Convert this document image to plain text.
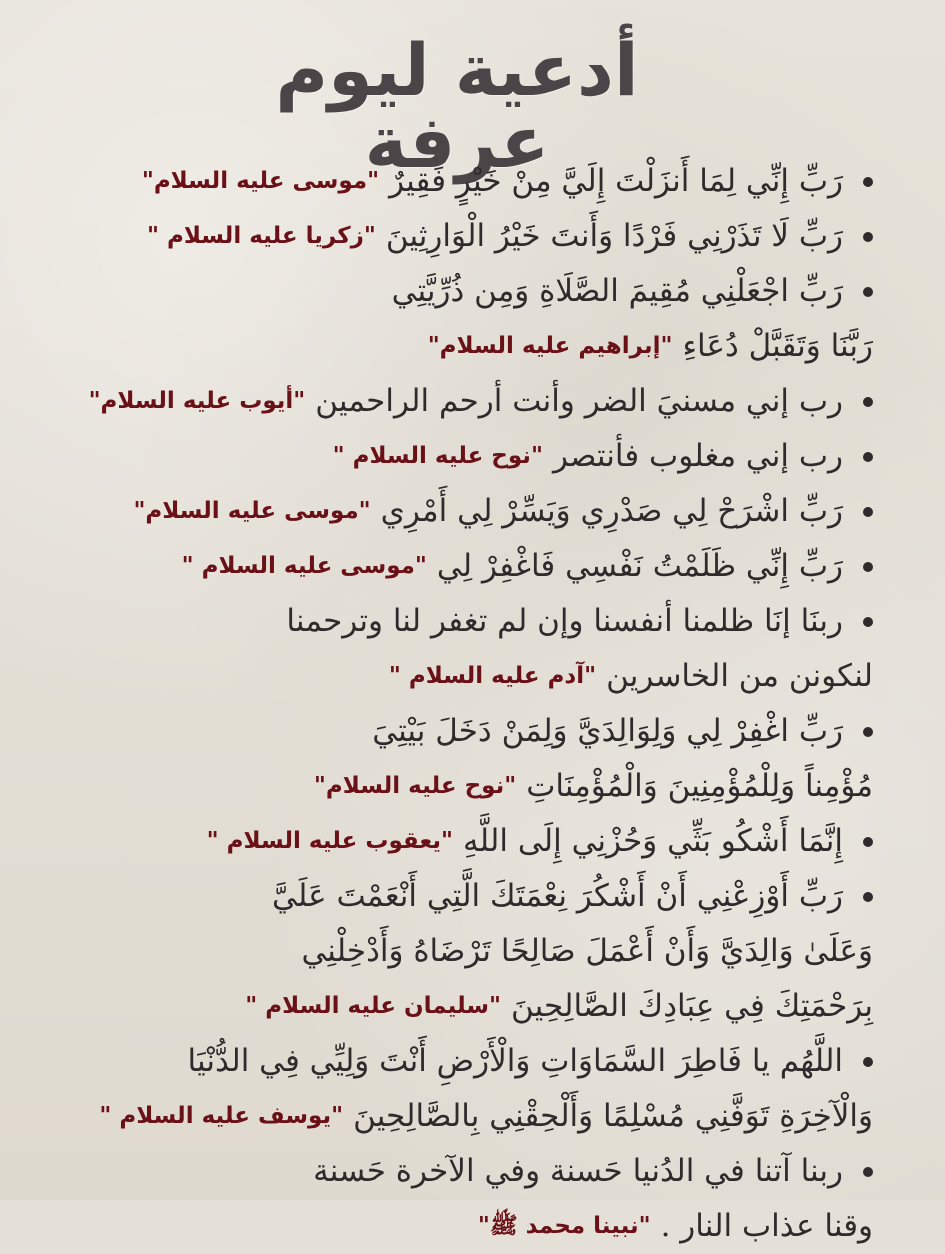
أدعية ليوم عرفة
رَبِّ إِنِّي لِمَا أَنزَلْتَ إِلَيَّ مِنْ خَيْرٍ فَقِيرٌ
"موسى عليه السلام"
رَبِّ لَا تَذَرْنِي فَرْدًا وَأَنتَ خَيْرُ الْوَارِثِينَ
"زكريا عليه السلام "
رَبِّ اجْعَلْنِي مُقِيمَ الصَّلَاةِ وَمِن ذُرِّيَّتِي
رَبَّنَا وَتَقَبَّلْ دُعَاءِ
"إبراهيم عليه السلام"
رب إني مسنيَ الضر وأنت أرحم الراحمين
"أيوب عليه السلام"
رب إني مغلوب فأنتصر
"نوح عليه السلام "
رَبِّ اشْرَحْ لِي صَدْرِي وَيَسِّرْ لِي أَمْرِي
"موسى عليه السلام"
رَبِّ إِنِّي ظَلَمْتُ نَفْسِي فَاغْفِرْ لِي
"موسى عليه السلام "
ربنَا إنَا ظلمنا أنفسنا وإن لم تغفر لنا وترحمنا
لنكونن من الخاسرين
"آدم عليه السلام "
رَبِّ اغْفِرْ لِي وَلِوَالِدَيَّ وَلِمَنْ دَخَلَ بَيْتِيَ
مُؤْمِناً وَلِلْمُؤْمِنِينَ وَالْمُؤْمِنَاتِ
"نوح عليه السلام"
إِنَّمَا أَشْكُو بَثِّي وَحُزْنِي إِلَى اللَّهِ
"يعقوب عليه السلام "
رَبِّ أَوْزِعْنِي أَنْ أَشْكُرَ نِعْمَتَكَ الَّتِي أَنْعَمْتَ عَلَيَّ
وَعَلَىٰ وَالِدَيَّ وَأَنْ أَعْمَلَ صَالِحًا تَرْضَاهُ وَأَدْخِلْنِي
بِرَحْمَتِكَ فِي عِبَادِكَ الصَّالِحِينَ
"سليمان عليه السلام "
اللَّهُم يا فَاطِرَ السَّمَاوَاتِ وَالْأَرْضِ أَنْتَ وَلِيِّي فِي الدُّنْيَا
وَالْآخِرَةِ تَوَفَّنِي مُسْلِمًا وَأَلْحِقْنِي بِالصَّالِحِينَ
"يوسف عليه السلام "
ربنا آتنا في الدُنيا حَسنة وفي الآخرة حَسنة
وقنا عذاب النار .
"نبينا محمد ﷺ"
